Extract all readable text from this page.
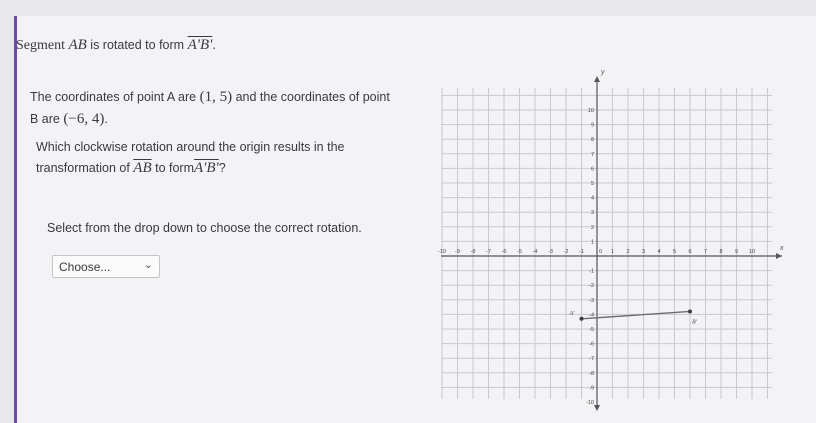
Segment AB is rotated to form A'B'.
The coordinates of point A are (1, 5) and the coordinates of point
B are (−6, 4).
Which clockwise rotation around the origin results in the
transformation of $\overline{AB}$ to formA'B'?
Select from the drop down to choose the correct rotation.
Choose...	⌄
x
y
-10 -9 -8 -7 -6 -5 -4 -3 -2 -1	1 2 3 4 5 6 7 8 9 10
10
9
8
7
6
5
4
3
2
1
-1
-2
-3
-4
-5
-6
-7
-8
-9
-10
0
A'
B'
